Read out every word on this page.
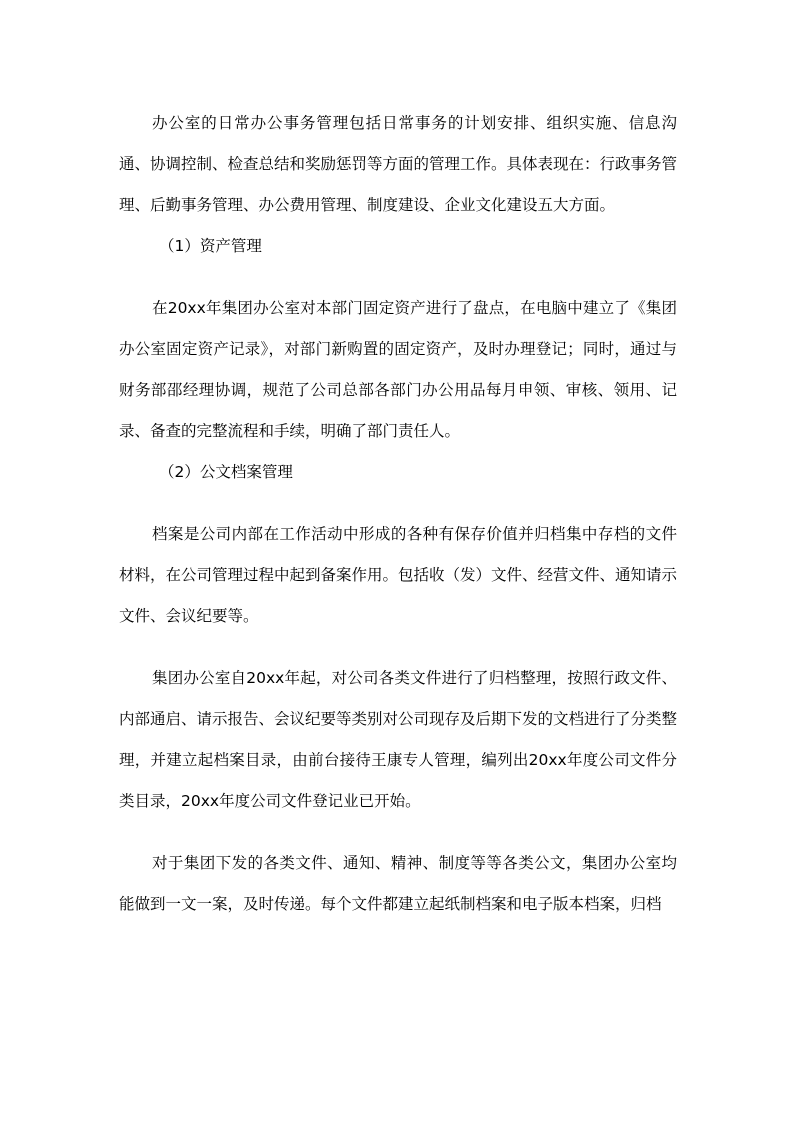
办公室的日常办公事务管理包括日常事务的计划安排、组织实施、信息沟通、协调控制、检查总结和奖励惩罚等方面的管理工作。具体表现在：行政事务管理、后勤事务管理、办公费用管理、制度建设、企业文化建设五大方面。

（1）资产管理

在20xx年集团办公室对本部门固定资产进行了盘点，在电脑中建立了《集团办公室固定资产记录》，对部门新购置的固定资产，及时办理登记；同时，通过与财务部邵经理协调，规范了公司总部各部门办公用品每月申领、审核、领用、记录、备查的完整流程和手续，明确了部门责任人。

（2）公文档案管理

档案是公司内部在工作活动中形成的各种有保存价值并归档集中存档的文件材料，在公司管理过程中起到备案作用。包括收（发）文件、经营文件、通知请示文件、会议纪要等。

集团办公室自20xx年起，对公司各类文件进行了归档整理，按照行政文件、内部通启、请示报告、会议纪要等类别对公司现存及后期下发的文档进行了分类整理，并建立起档案目录，由前台接待王康专人管理，编列出20xx年度公司文件分类目录，20xx年度公司文件登记业已开始。

对于集团下发的各类文件、通知、精神、制度等等各类公文，集团办公室均能做到一文一案，及时传递。每个文件都建立起纸制档案和电子版本档案，归档
